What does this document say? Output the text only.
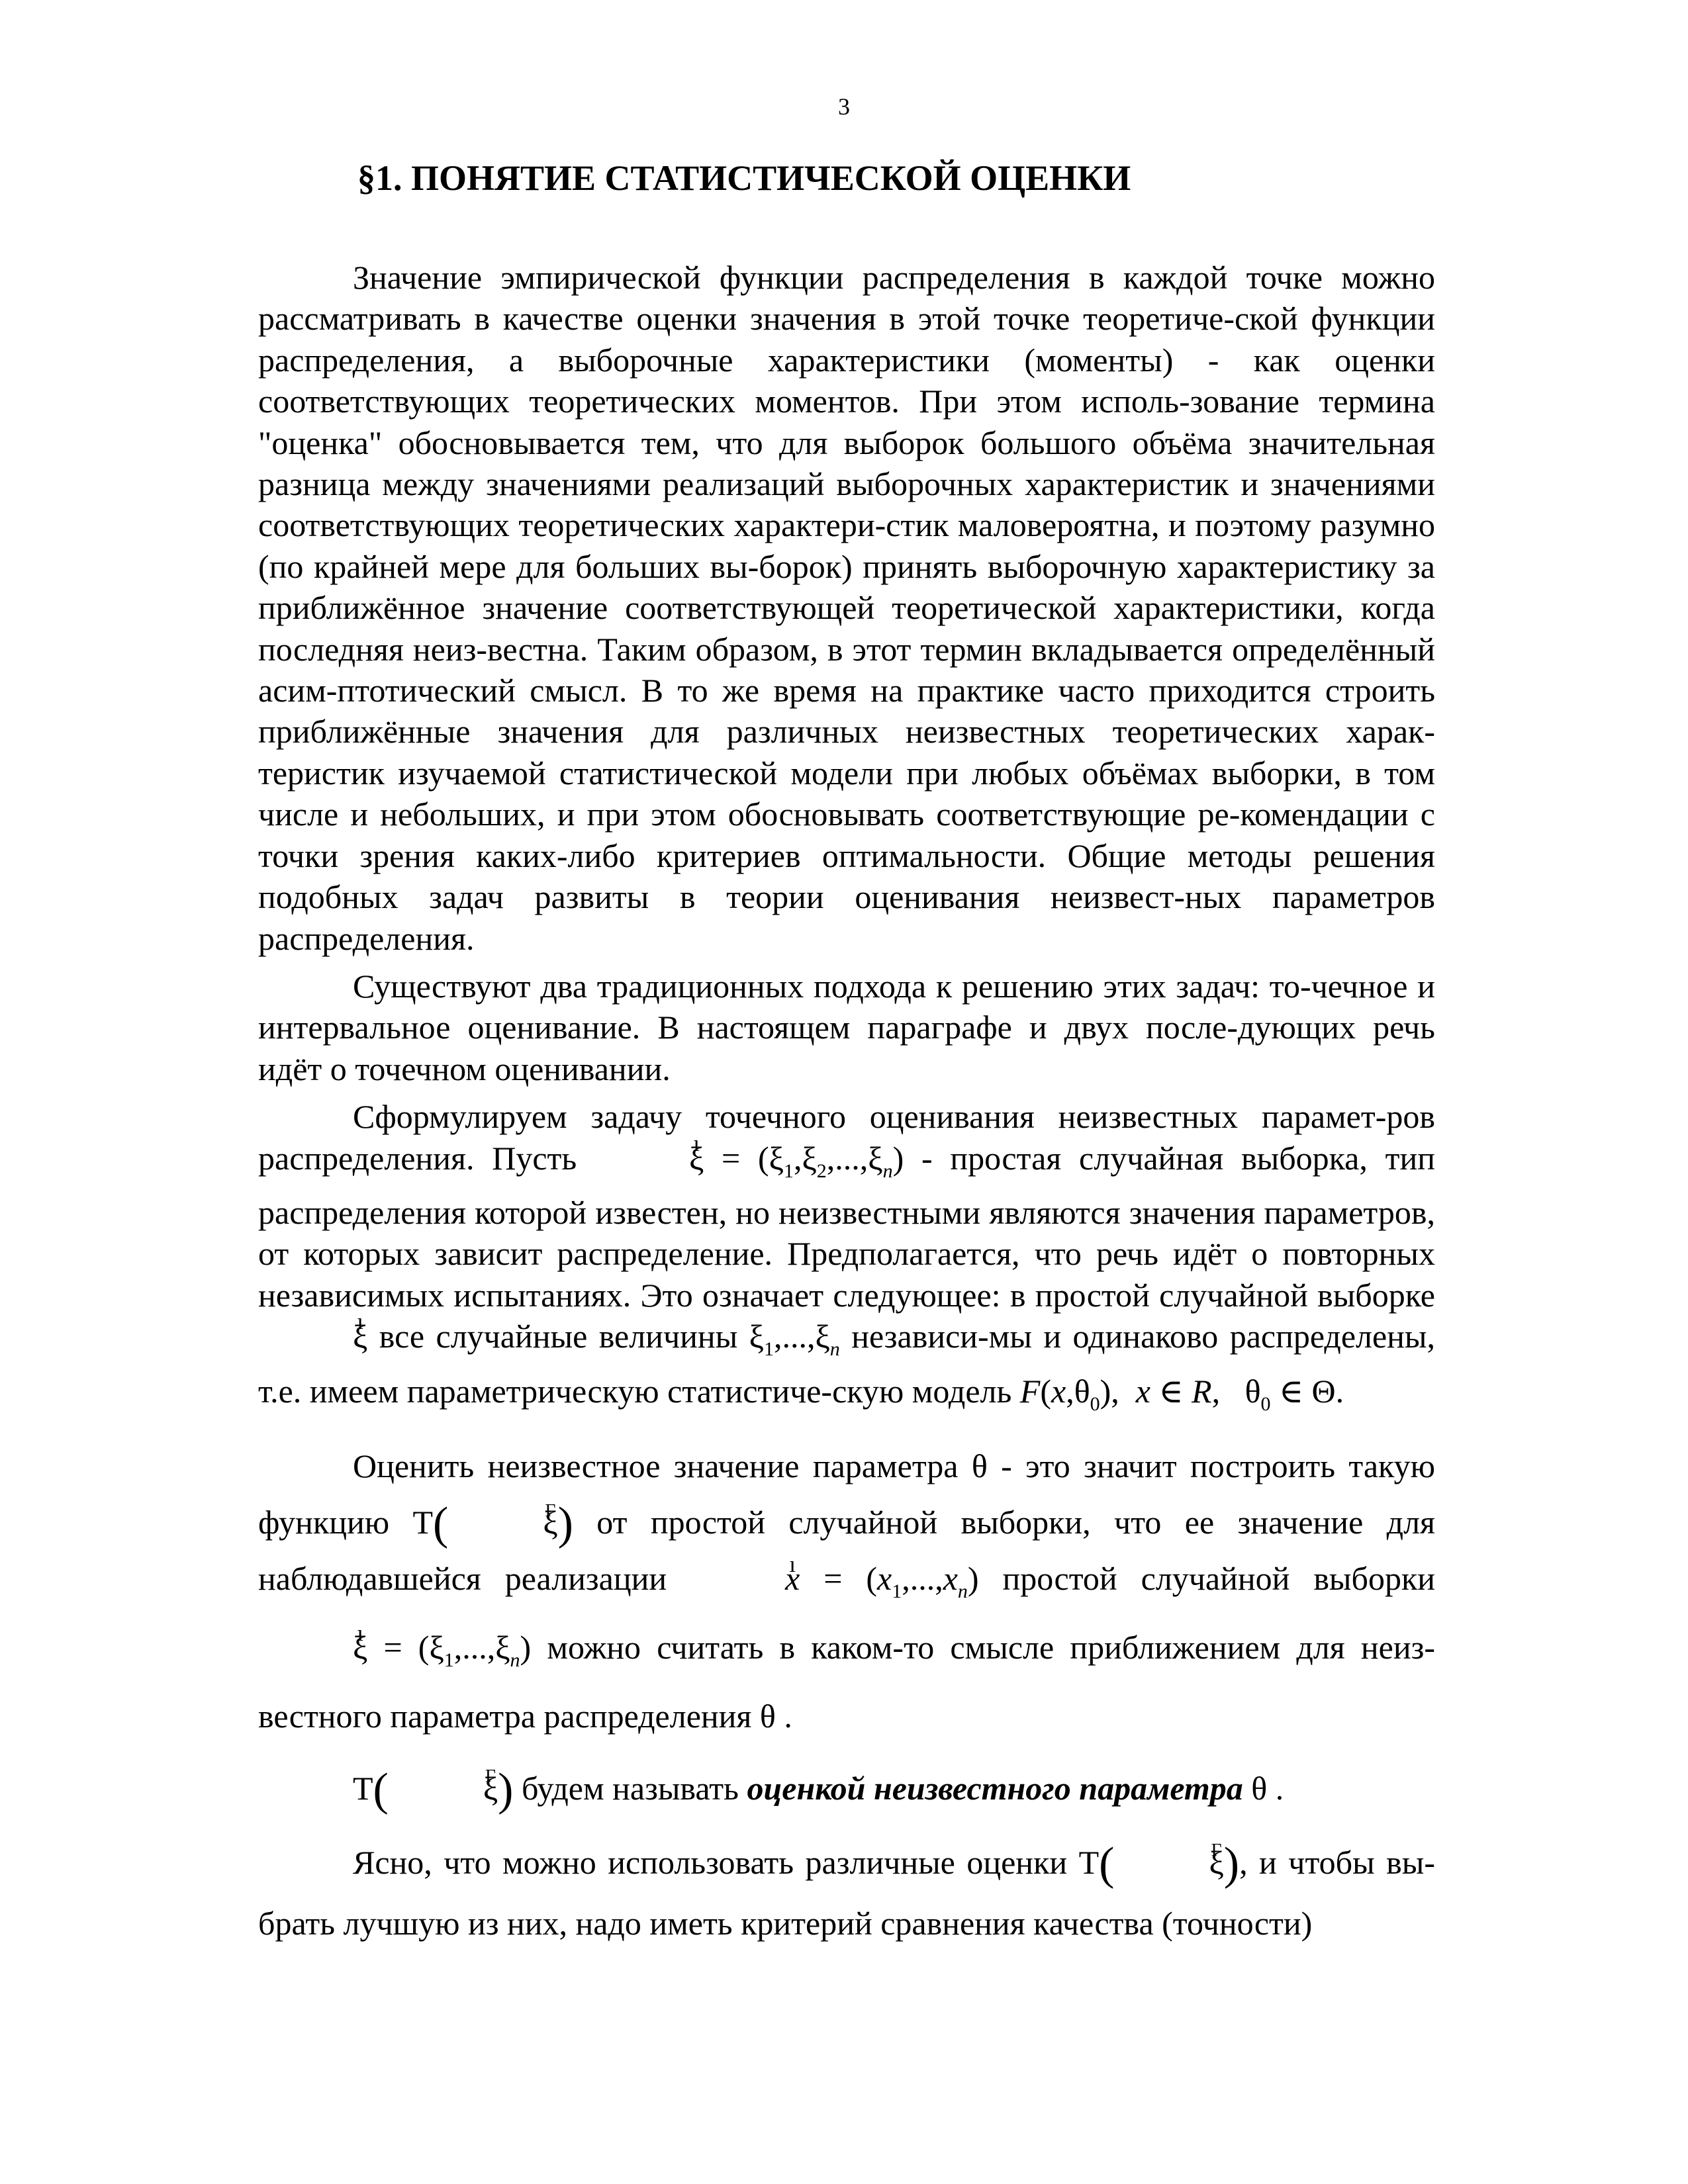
3
§1. ПОНЯТИЕ СТАТИСТИЧЕСКОЙ ОЦЕНКИ

Значение эмпирической функции распределения в каждой точке можно рассматривать в качестве оценки значения в этой точке теоретиче-ской функции распределения, а выборочные характеристики (моменты) - как оценки соответствующих теоретических моментов. При этом исполь-зование термина "оценка" обосновывается тем, что для выборок большого объёма значительная разница между значениями реализаций выборочных характеристик и значениями соответствующих теоретических характери-стик маловероятна, и поэтому разумно (по крайней мере для больших вы-борок) принять выборочную характеристику за приближённое значение соответствующей теоретической характеристики, когда последняя неиз-вестна. Таким образом, в этот термин вкладывается определённый асим-птотический смысл. В то же время на практике часто приходится строить приближённые значения для различных неизвестных теоретических харак-теристик изучаемой статистической модели при любых объёмах выборки, в том числе и небольших, и при этом обосновывать соответствующие ре-комендации с точки зрения каких-либо критериев оптимальности. Общие методы решения подобных задач развиты в теории оценивания неизвест-ных параметров распределения.

Существуют два традиционных подхода к решению этих задач: то-чечное и интервальное оценивание. В настоящем параграфе и двух после-дующих речь идёт о точечном оценивании.

Сформулируем задачу точечного оценивания неизвестных парамет-ров распределения. Пусть	ı $\xi = (\xi_1,\xi_2,...,\xi_n)$ - простая случайная выборка, тип распределения которой известен, но неизвестными являются значения параметров, от которых зависит распределение. Предполагается, что речь идёт о повторных независимых испытаниях. Это означает следующее: в простой случайной выборке ı ξ все случайные величины $\xi_1,...,\xi_n$ независи-мы и одинаково распределены, т.е. имеем параметрическую статистиче-скую модель $F(x,\theta_0)$,  x ∈ R,   $\theta_0$ ∈ Θ.

Оценить неизвестное значение параметра θ - это значит построить такую функцию T(	Γ ξ) от простой случайной выборки, что ее значение для наблюдавшейся реализации	ı $x = (x_1,...,x_n)$ простой случайной выборки ı $\xi = (\xi_1,...,\xi_n)$ можно считать в каком-то смысле приближением для неиз-вестного параметра распределения θ .

T(	Γ ξ) будем называть оценкой неизвестного параметра θ .

Ясно, что можно использовать различные оценки T(	Γ ξ), и чтобы вы-брать лучшую из них, надо иметь критерий сравнения качества (точности)
